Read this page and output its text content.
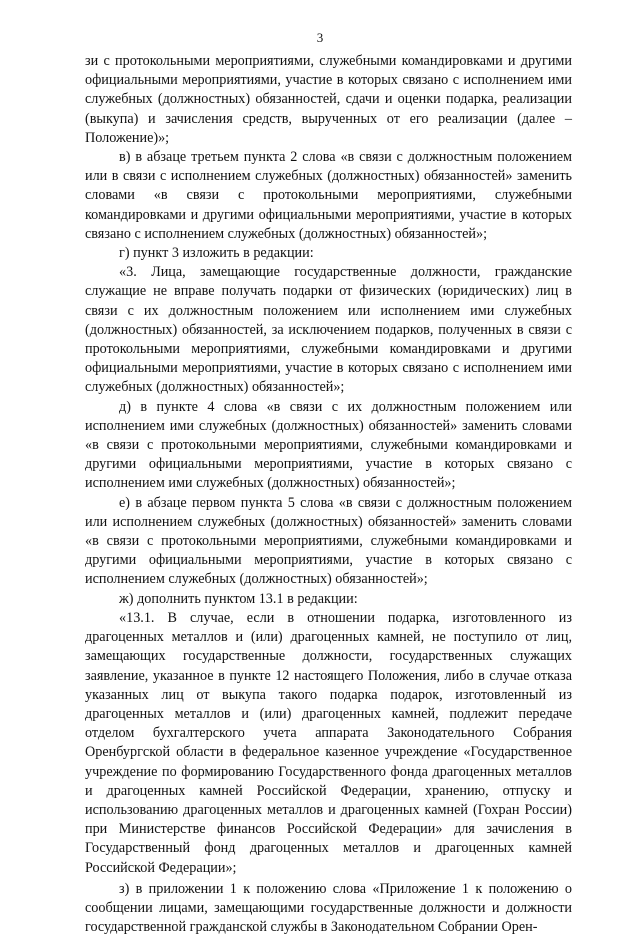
3

зи с протокольными мероприятиями, служебными командировками и другими официальными мероприятиями, участие в которых связано с исполнением ими служебных (должностных) обязанностей, сдачи и оценки подарка, реализации (выкупа) и зачисления средств, вырученных от его реализации (далее – Положение)»;

в) в абзаце третьем пункта 2 слова «в связи с должностным положением или в связи с исполнением служебных (должностных) обязанностей» заменить словами «в связи с протокольными мероприятиями, служебными командировками и другими официальными мероприятиями, участие в которых связано с исполнением служебных (должностных) обязанностей»;

г) пункт 3 изложить в редакции:

«3. Лица, замещающие государственные должности, гражданские служащие не вправе получать подарки от физических (юридических) лиц в связи с их должностным положением или исполнением ими служебных (должностных) обязанностей, за исключением подарков, полученных в связи с протокольными мероприятиями, служебными командировками и другими официальными мероприятиями, участие в которых связано с исполнением ими служебных (должностных) обязанностей»;

д) в пункте 4 слова «в связи с их должностным положением или исполнением ими служебных (должностных) обязанностей» заменить словами «в связи с протокольными мероприятиями, служебными командировками и другими официальными мероприятиями, участие в которых связано с исполнением ими служебных (должностных) обязанностей»;

е) в абзаце первом пункта 5 слова «в связи с должностным положением или исполнением служебных (должностных) обязанностей» заменить словами «в связи с протокольными мероприятиями, служебными командировками и другими официальными мероприятиями, участие в которых связано с исполнением служебных (должностных) обязанностей»;

ж) дополнить пунктом 13.1 в редакции:

«13.1. В случае, если в отношении подарка, изготовленного из драгоценных металлов и (или) драгоценных камней, не поступило от лиц, замещающих государственные должности, государственных служащих заявление, указанное в пункте 12 настоящего Положения, либо в случае отказа указанных лиц от выкупа такого подарка подарок, изготовленный из драгоценных металлов и (или) драгоценных камней, подлежит передаче отделом бухгалтерского учета аппарата Законодательного Собрания Оренбургской области в федеральное казенное учреждение «Государственное учреждение по формированию Государственного фонда драгоценных металлов и драгоценных камней Российской Федерации, хранению, отпуску и использованию драгоценных металлов и драгоценных камней (Гохран России) при Министерстве финансов Российской Федерации» для зачисления в Государственный фонд драгоценных металлов и драгоценных камней Российской Федерации»;

з) в приложении 1 к положению слова «Приложение 1 к положению о сообщении лицами, замещающими государственные должности и должности государственной гражданской службы в Законодательном Собрании Орен-
